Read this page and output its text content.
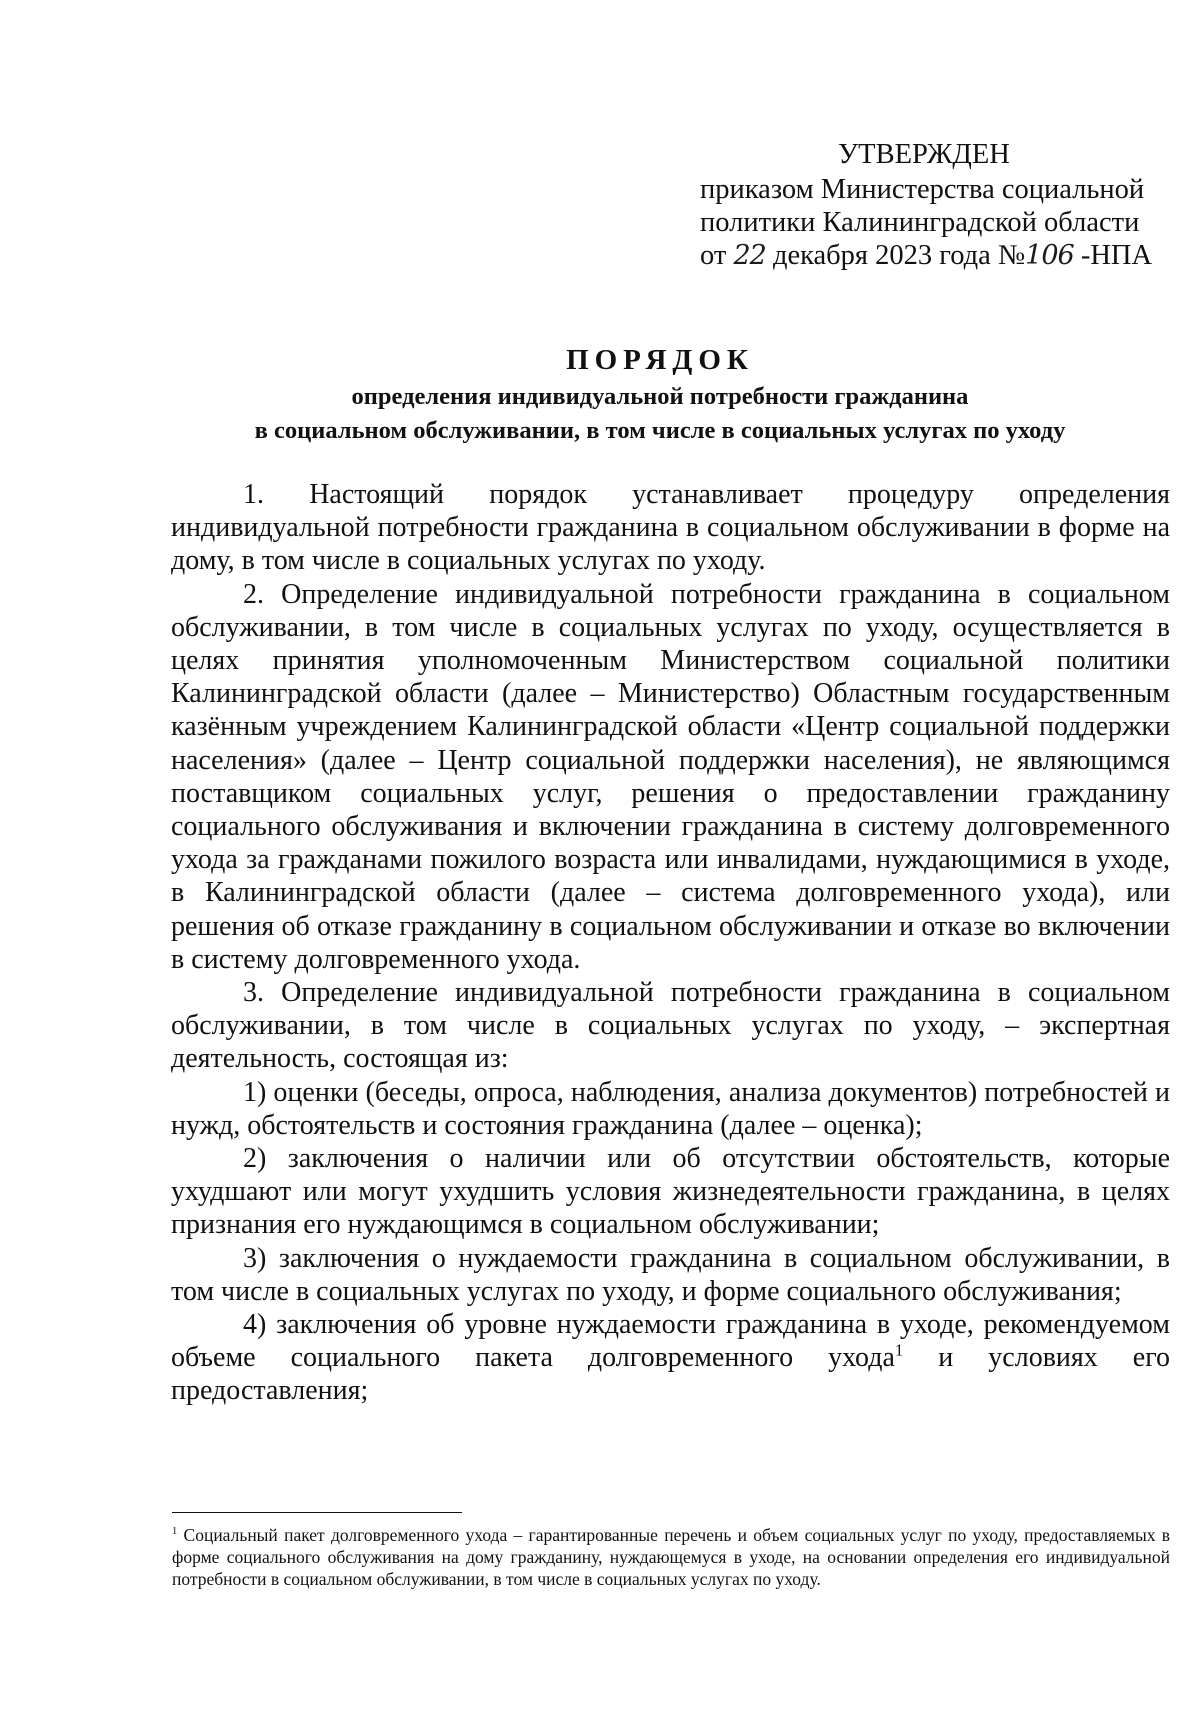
УТВЕРЖДЕН
приказом Министерства социальной
политики Калининградской области
от 22 декабря 2023 года №106 -НПА
ПОРЯДОК
определения индивидуальной потребности гражданина
в социальном обслуживании, в том числе в социальных услугах по уходу

1. Настоящий порядок устанавливает процедуру определения индивидуальной потребности гражданина в социальном обслуживании в форме на дому, в том числе в социальных услугах по уходу.

2. Определение индивидуальной потребности гражданина в социальном обслуживании, в том числе в социальных услугах по уходу, осуществляется в целях принятия уполномоченным Министерством социальной политики Калининградской области (далее – Министерство) Областным государственным казённым учреждением Калининградской области «Центр социальной поддержки населения» (далее – Центр социальной поддержки населения), не являющимся поставщиком социальных услуг, решения о предоставлении гражданину социального обслуживания и включении гражданина в систему долговременного ухода за гражданами пожилого возраста или инвалидами, нуждающимися в уходе, в Калининградской области (далее – система долговременного ухода), или решения об отказе гражданину в социальном обслуживании и отказе во включении в систему долговременного ухода.

3. Определение индивидуальной потребности гражданина в социальном обслуживании, в том числе в социальных услугах по уходу, – экспертная деятельность, состоящая из:

1) оценки (беседы, опроса, наблюдения, анализа документов) потребностей и нужд, обстоятельств и состояния гражданина (далее – оценка);

2) заключения о наличии или об отсутствии обстоятельств, которые ухудшают или могут ухудшить условия жизнедеятельности гражданина, в целях признания его нуждающимся в социальном обслуживании;

3) заключения о нуждаемости гражданина в социальном обслуживании, в том числе в социальных услугах по уходу, и форме социального обслуживания;

4) заключения об уровне нуждаемости гражданина в уходе, рекомендуемом объеме социального пакета долговременного ухода$^1$ и условиях его предоставления;

$^1$ Социальный пакет долговременного ухода – гарантированные перечень и объем социальных услуг по уходу, предоставляемых в форме социального обслуживания на дому гражданину, нуждающемуся в уходе, на основании определения его индивидуальной потребности в социальном обслуживании, в том числе в социальных услугах по уходу.
